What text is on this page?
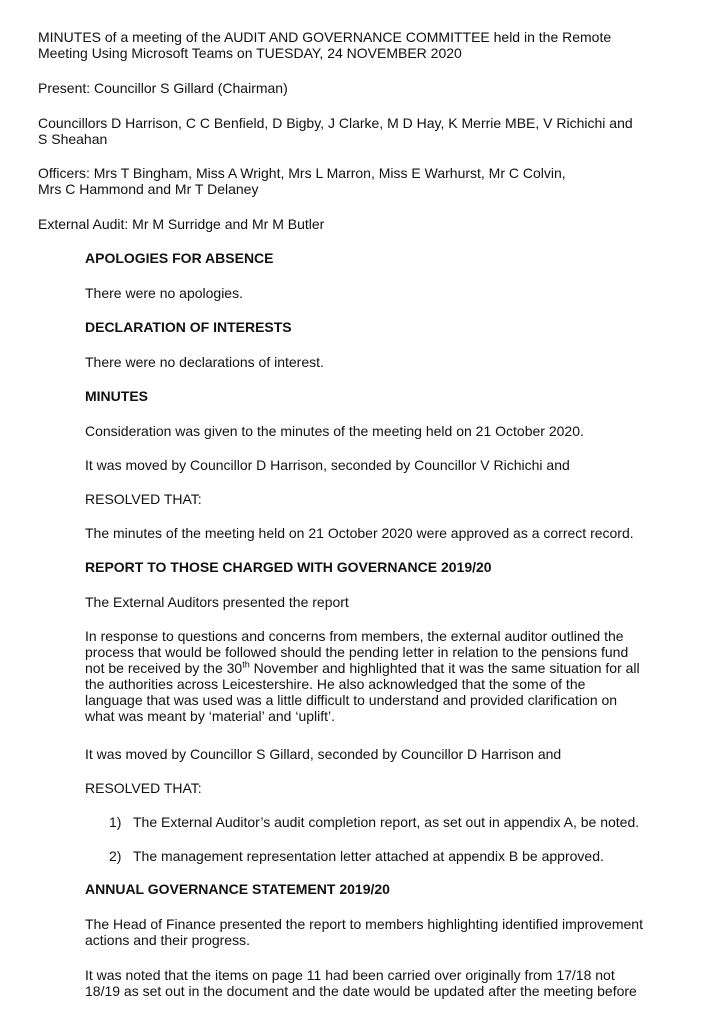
MINUTES of a meeting of the AUDIT AND GOVERNANCE COMMITTEE held in the Remote
Meeting Using Microsoft Teams on TUESDAY, 24 NOVEMBER 2020

Present: Councillor S Gillard (Chairman)

Councillors D Harrison, C C Benfield, D Bigby, J Clarke, M D Hay, K Merrie MBE, V Richichi and
S Sheahan

Officers: Mrs T Bingham, Miss A Wright, Mrs L Marron, Miss E Warhurst, Mr C Colvin,
Mrs C Hammond and Mr T Delaney

External Audit: Mr M Surridge and Mr M Butler

APOLOGIES FOR ABSENCE

There were no apologies.

DECLARATION OF INTERESTS

There were no declarations of interest.

MINUTES

Consideration was given to the minutes of the meeting held on 21 October 2020.

It was moved by Councillor D Harrison, seconded by Councillor V Richichi and

RESOLVED THAT:

The minutes of the meeting held on 21 October 2020 were approved as a correct record.

REPORT TO THOSE CHARGED WITH GOVERNANCE 2019/20

The External Auditors presented the report

In response to questions and concerns from members, the external auditor outlined the
process that would be followed should the pending letter in relation to the pensions fund
not be received by the 30th November and highlighted that it was the same situation for all
the authorities across Leicestershire. He also acknowledged that the some of the
language that was used was a little difficult to understand and provided clarification on
what was meant by ‘material’ and ‘uplift’.

It was moved by Councillor S Gillard, seconded by Councillor D Harrison and

RESOLVED THAT:

1) The External Auditor’s audit completion report, as set out in appendix A, be noted.

2) The management representation letter attached at appendix B be approved.

ANNUAL GOVERNANCE STATEMENT 2019/20

The Head of Finance presented the report to members highlighting identified improvement
actions and their progress.

It was noted that the items on page 11 had been carried over originally from 17/18 not
18/19 as set out in the document and the date would be updated after the meeting before
